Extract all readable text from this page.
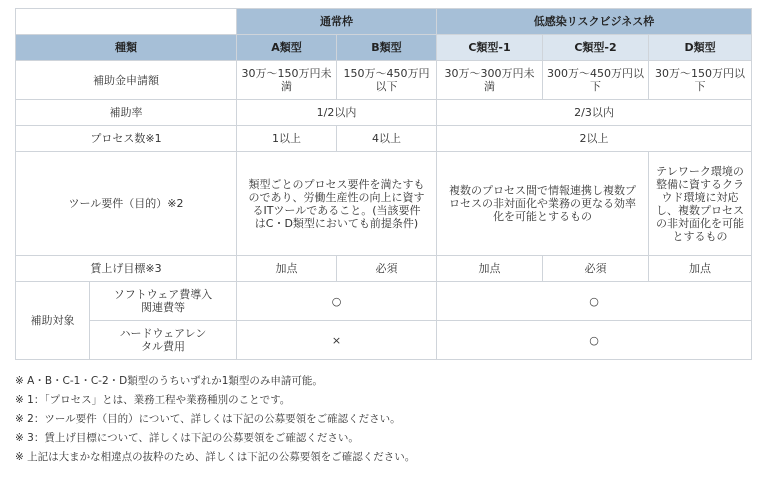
		通常枠		低感染リスクビジネス枠		
種類		A類型	B類型	C類型-1	C類型-2	D類型
補助金申請額		30万～150万円未満	150万～450万円以下	30万～300万円未満	300万～450万円以下	30万～150万円以下
補助率		1/2以内		2/3以内		
プロセス数※1		1以上	4以上	2以上		
ツール要件（目的）※2		類型ごとのプロセス要件を満たすものであり、労働生産性の向上に資するITツールであること。(当該要件はC・D類型においても前提条件)		複数のプロセス間で情報連携し複数プロセスの非対面化や業務の更なる効率化を可能とするもの		テレワーク環境の整備に資するクラウド環境に対応し、複数プロセスの非対面化を可能とするもの
賃上げ目標※3		加点	必須	加点	必須	加点
補助対象	ソフトウェア費導入関連費等	○		○		
	ハードウェアレンタル費用	×		○		
※ A・B・C-1・C-2・D類型のうちいずれか1類型のみ申請可能。
※ 1：「プロセス」とは、業務工程や業務種別のことです。
※ 2：ツール要件（目的）について、詳しくは下記の公募要領をご確認ください。
※ 3：賃上げ目標について、詳しくは下記の公募要領をご確認ください。
※ 上記は大まかな相違点の抜粋のため、詳しくは下記の公募要領をご確認ください。
